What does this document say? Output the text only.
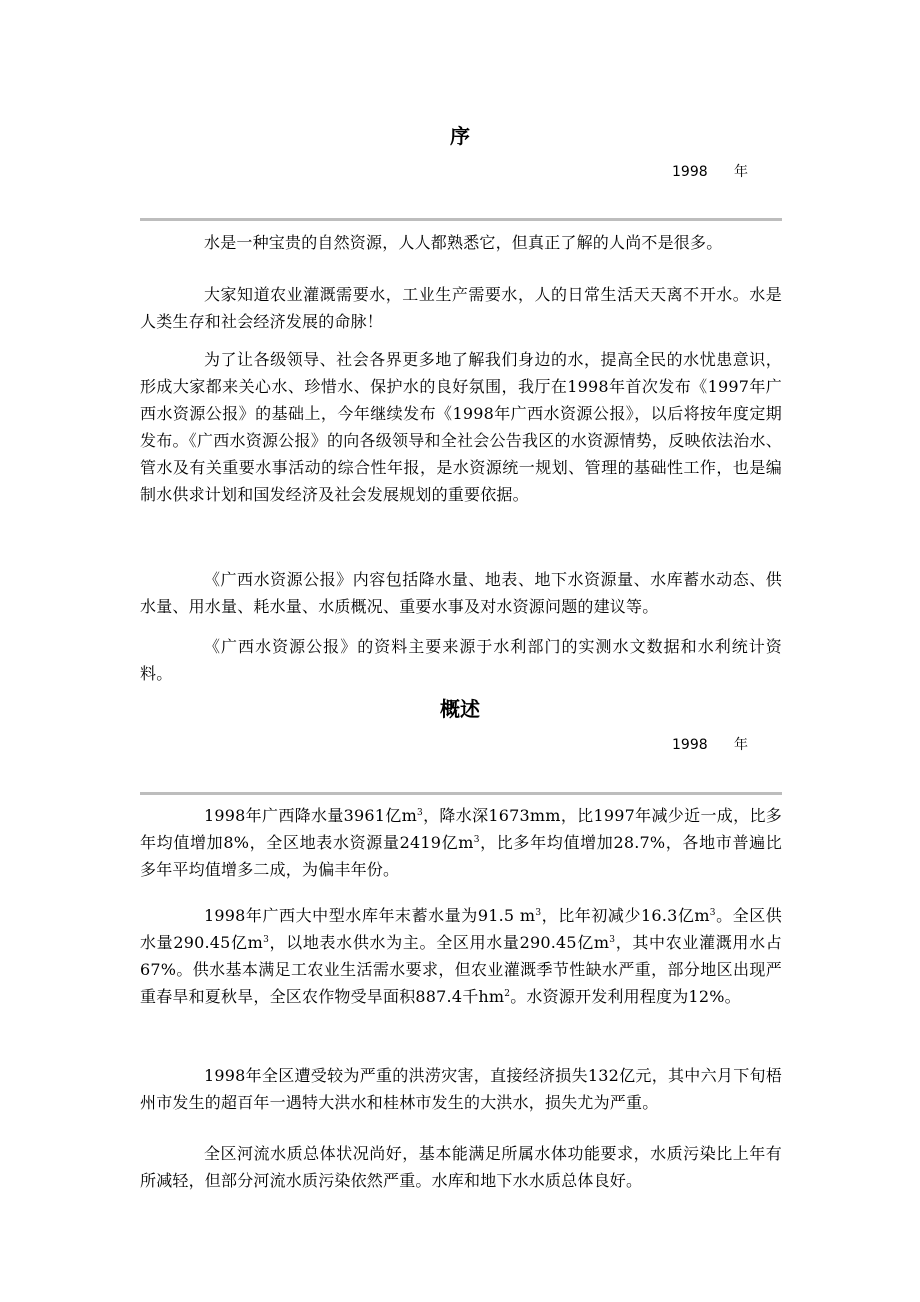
序
1998 年

水是一种宝贵的自然资源，人人都熟悉它，但真正了解的人尚不是很多。

大家知道农业灌溉需要水，工业生产需要水，人的日常生活天天离不开水。水是人类生存和社会经济发展的命脉！

为了让各级领导、社会各界更多地了解我们身边的水，提高全民的水忧患意识，形成大家都来关心水、珍惜水、保护水的良好氛围，我厅在1998年首次发布《1997年广西水资源公报》的基础上，今年继续发布《1998年广西水资源公报》，以后将按年度定期发布。《广西水资源公报》的向各级领导和全社会公告我区的水资源情势，反映依法治水、管水及有关重要水事活动的综合性年报，是水资源统一规划、管理的基础性工作，也是编制水供求计划和国发经济及社会发展规划的重要依据。

《广西水资源公报》内容包括降水量、地表、地下水资源量、水库蓄水动态、供水量、用水量、耗水量、水质概况、重要水事及对水资源问题的建议等。

《广西水资源公报》的资料主要来源于水利部门的实测水文数据和水利统计资料。

概述
1998 年

1998年广西降水量3961亿$m^3$，降水深1673mm，比1997年减少近一成，比多年均值增加8%，全区地表水资源量2419亿$m^3$，比多年均值增加28.7%，各地市普遍比多年平均值增多二成，为偏丰年份。

1998年广西大中型水库年末蓄水量为91.5 $m^3$，比年初减少16.3亿$m^3$。全区供水量290.45亿$m^3$，以地表水供水为主。全区用水量290.45亿$m^3$，其中农业灌溉用水占67%。供水基本满足工农业生活需水要求，但农业灌溉季节性缺水严重，部分地区出现严重春旱和夏秋旱，全区农作物受旱面积887.4千$hm^2$。水资源开发利用程度为12%。

1998年全区遭受较为严重的洪涝灾害，直接经济损失132亿元，其中六月下旬梧州市发生的超百年一遇特大洪水和桂林市发生的大洪水，损失尤为严重。

全区河流水质总体状况尚好，基本能满足所属水体功能要求，水质污染比上年有所减轻，但部分河流水质污染依然严重。水库和地下水水质总体良好。
